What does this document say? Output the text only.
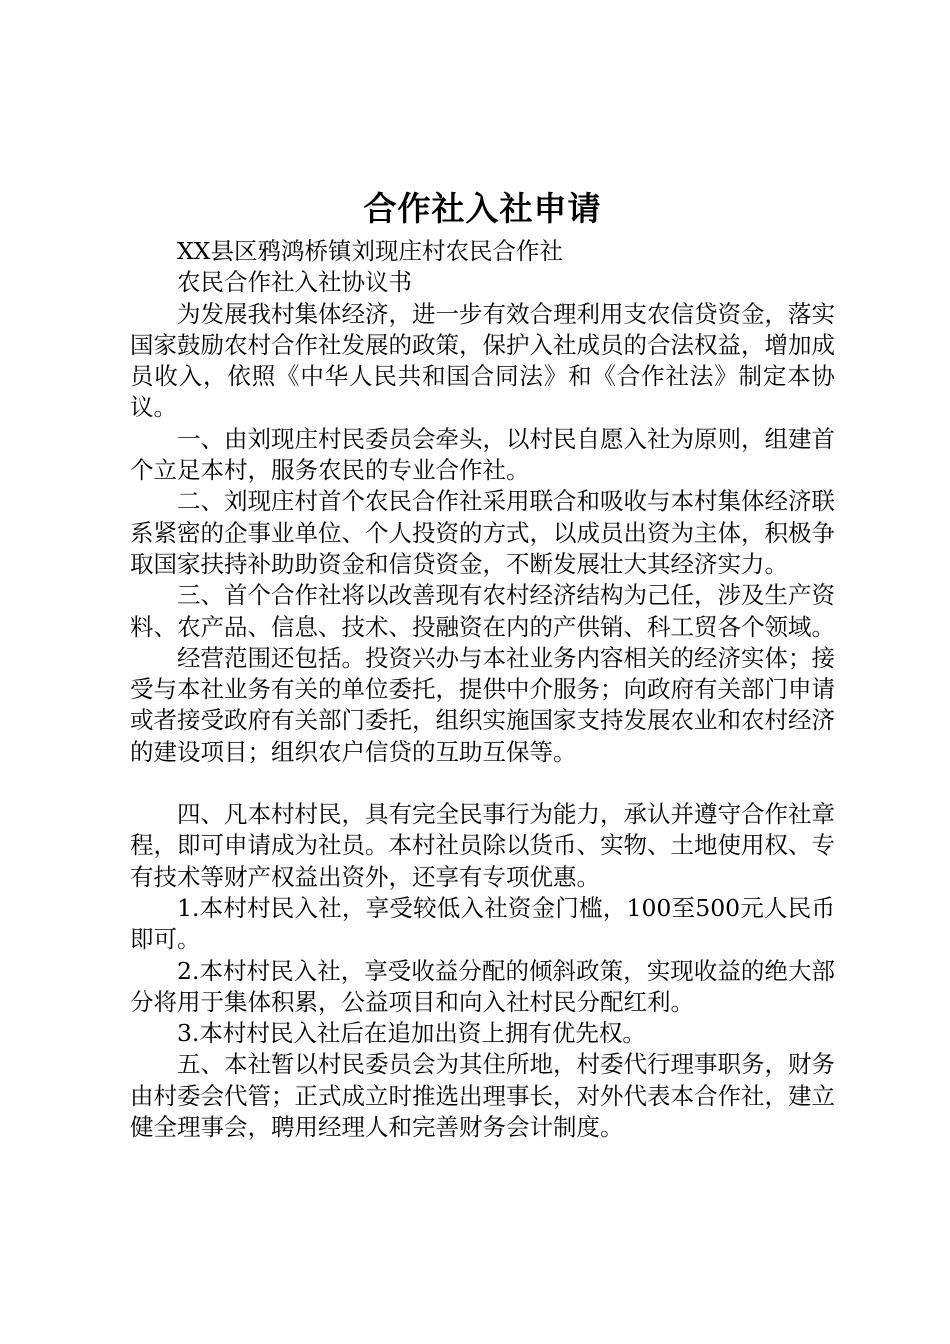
合作社入社申请

XX县区鸦鸿桥镇刘现庄村农民合作社

农民合作社入社协议书

为发展我村集体经济，进一步有效合理利用支农信贷资金，落实国家鼓励农村合作社发展的政策，保护入社成员的合法权益，增加成员收入，依照《中华人民共和国合同法》和《合作社法》制定本协议。

一、由刘现庄村民委员会牵头，以村民自愿入社为原则，组建首个立足本村，服务农民的专业合作社。

二、刘现庄村首个农民合作社采用联合和吸收与本村集体经济联系紧密的企事业单位、个人投资的方式，以成员出资为主体，积极争取国家扶持补助助资金和信贷资金，不断发展壮大其经济实力。

三、首个合作社将以改善现有农村经济结构为己任，涉及生产资料、农产品、信息、技术、投融资在内的产供销、科工贸各个领域。

经营范围还包括。投资兴办与本社业务内容相关的经济实体；接受与本社业务有关的单位委托，提供中介服务；向政府有关部门申请或者接受政府有关部门委托，组织实施国家支持发展农业和农村经济的建设项目；组织农户信贷的互助互保等。

四、凡本村村民，具有完全民事行为能力，承认并遵守合作社章程，即可申请成为社员。本村社员除以货币、实物、土地使用权、专有技术等财产权益出资外，还享有专项优惠。

1.本村村民入社，享受较低入社资金门槛，100至500元人民币即可。

2.本村村民入社，享受收益分配的倾斜政策，实现收益的绝大部分将用于集体积累，公益项目和向入社村民分配红利。

3.本村村民入社后在追加出资上拥有优先权。

五、本社暂以村民委员会为其住所地，村委代行理事职务，财务由村委会代管；正式成立时推选出理事长，对外代表本合作社，建立健全理事会，聘用经理人和完善财务会计制度。
